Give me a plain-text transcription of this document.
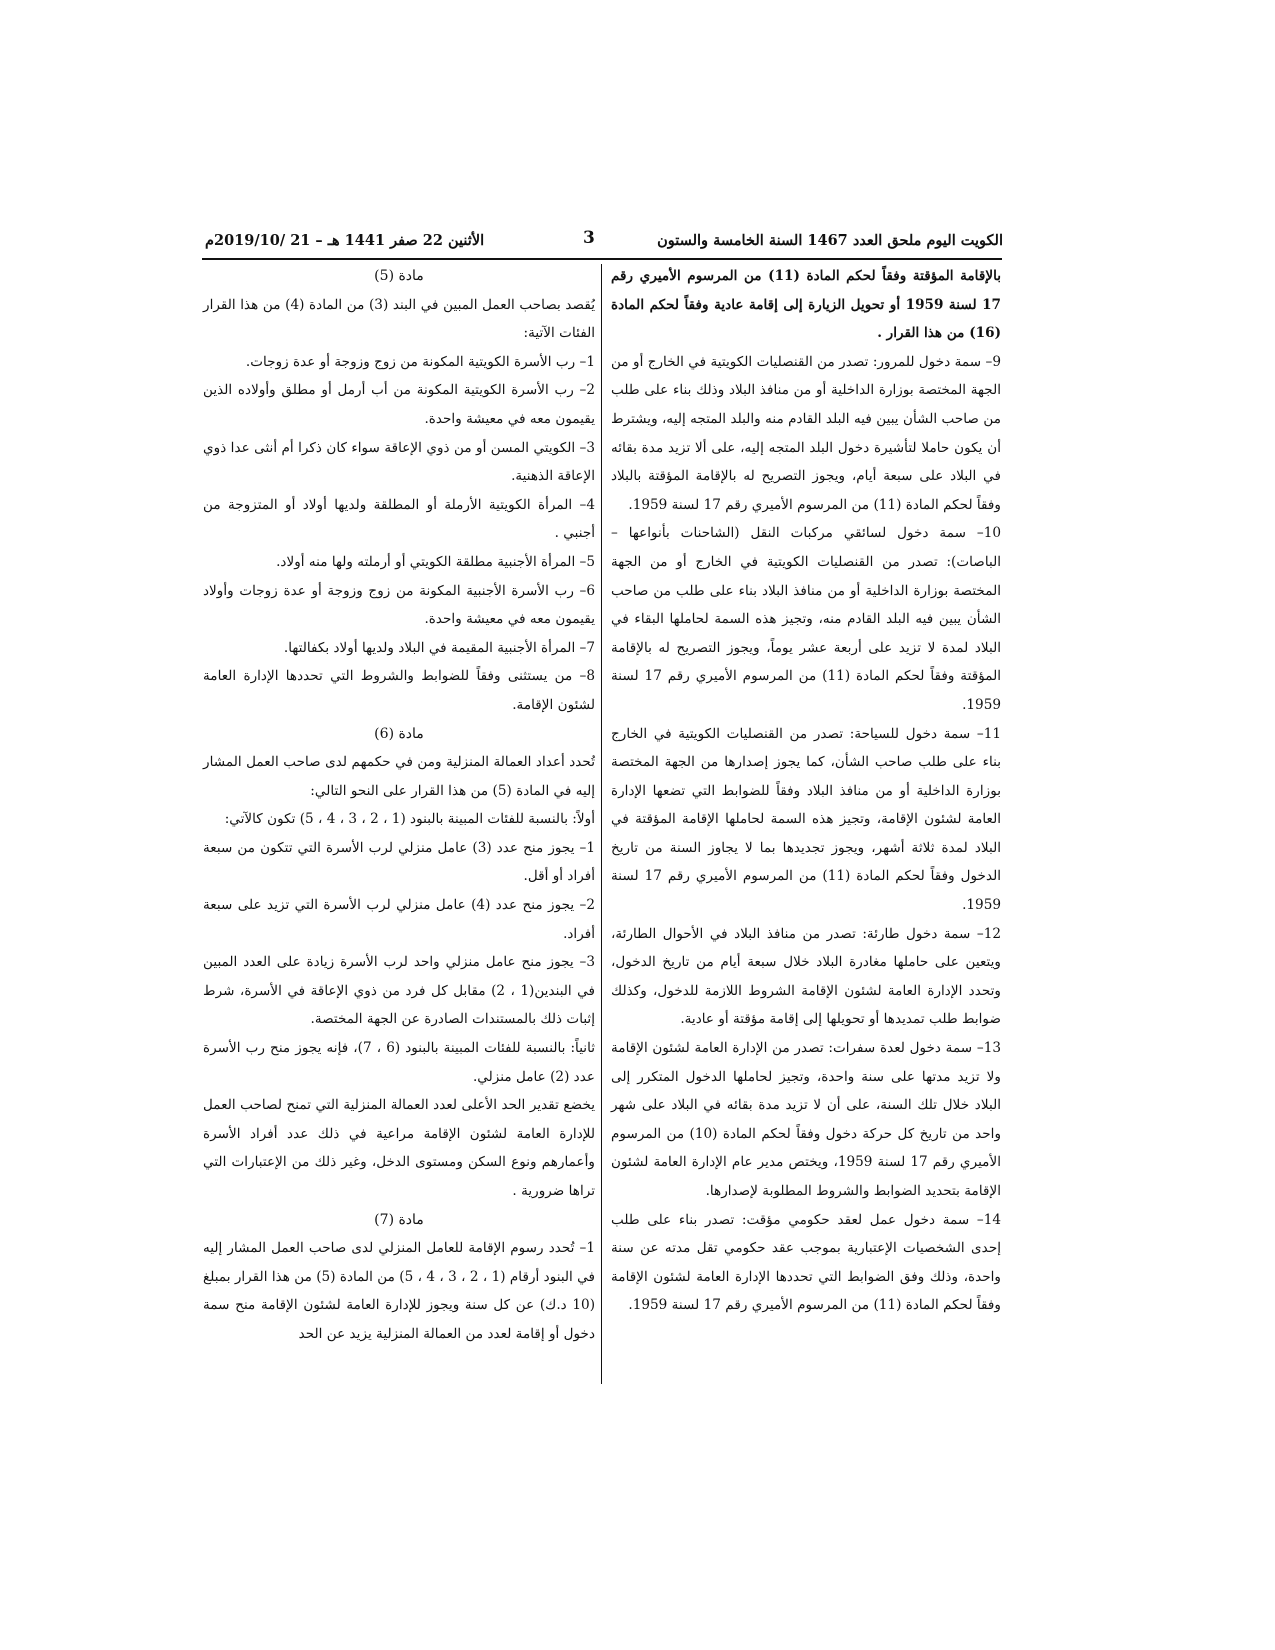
الكويت اليوم ملحق العدد 1467 السنة الخامسة والستون
3
الأثنين 22 صفر 1441 هـ – 21 /2019/10م

بالإقامة المؤقتة وفقاً لحكم المادة (11) من المرسوم الأميري رقم 17 لسنة 1959 أو تحويل الزيارة إلى إقامة عادية وفقاً لحكم المادة (16) من هذا القرار .

9– سمة دخول للمرور: تصدر من القنصليات الكويتية في الخارج أو من الجهة المختصة بوزارة الداخلية أو من منافذ البلاد وذلك بناء على طلب من صاحب الشأن يبين فيه البلد القادم منه والبلد المتجه إليه، ويشترط أن يكون حاملا لتأشيرة دخول البلد المتجه إليه، على ألا تزيد مدة بقائه في البلاد على سبعة أيام، ويجوز التصريح له بالإقامة المؤقتة بالبلاد وفقاً لحكم المادة (11) من المرسوم الأميري رقم 17 لسنة 1959.

10– سمة دخول لسائقي مركبات النقل (الشاحنات بأنواعها – الباصات): تصدر من القنصليات الكويتية في الخارج أو من الجهة المختصة بوزارة الداخلية أو من منافذ البلاد بناء على طلب من صاحب الشأن يبين فيه البلد القادم منه، وتجيز هذه السمة لحاملها البقاء في البلاد لمدة لا تزيد على أربعة عشر يوماً، ويجوز التصريح له بالإقامة المؤقتة وفقاً لحكم المادة (11) من المرسوم الأميري رقم 17 لسنة 1959.

11– سمة دخول للسياحة: تصدر من القنصليات الكويتية في الخارج بناء على طلب صاحب الشأن، كما يجوز إصدارها من الجهة المختصة بوزارة الداخلية أو من منافذ البلاد وفقاً للضوابط التي تضعها الإدارة العامة لشئون الإقامة، وتجيز هذه السمة لحاملها الإقامة المؤقتة في البلاد لمدة ثلاثة أشهر، ويجوز تجديدها بما لا يجاوز السنة من تاريخ الدخول وفقاً لحكم المادة (11) من المرسوم الأميري رقم 17 لسنة 1959.

12– سمة دخول طارئة: تصدر من منافذ البلاد في الأحوال الطارئة، ويتعين على حاملها مغادرة البلاد خلال سبعة أيام من تاريخ الدخول، وتحدد الإدارة العامة لشئون الإقامة الشروط اللازمة للدخول، وكذلك ضوابط طلب تمديدها أو تحويلها إلى إقامة مؤقتة أو عادية.

13– سمة دخول لعدة سفرات: تصدر من الإدارة العامة لشئون الإقامة ولا تزيد مدتها على سنة واحدة، وتجيز لحاملها الدخول المتكرر إلى البلاد خلال تلك السنة، على أن لا تزيد مدة بقائه في البلاد على شهر واحد من تاريخ كل حركة دخول وفقاً لحكم المادة (10) من المرسوم الأميري رقم 17 لسنة 1959، ويختص مدير عام الإدارة العامة لشئون الإقامة بتحديد الضوابط والشروط المطلوبة لإصدارها.

14– سمة دخول عمل لعقد حكومي مؤقت: تصدر بناء على طلب إحدى الشخصيات الإعتبارية بموجب عقد حكومي تقل مدته عن سنة واحدة، وذلك وفق الضوابط التي تحددها الإدارة العامة لشئون الإقامة وفقاً لحكم المادة (11) من المرسوم الأميري رقم 17 لسنة 1959.

مادة (5)

يُقصد بصاحب العمل المبين في البند (3) من المادة (4) من هذا القرار الفئات الآتية:

1– رب الأسرة الكويتية المكونة من زوج وزوجة أو عدة زوجات.

2– رب الأسرة الكويتية المكونة من أب أرمل أو مطلق وأولاده الذين يقيمون معه في معيشة واحدة.

3– الكويتي المسن أو من ذوي الإعاقة سواء كان ذكرا أم أنثى عدا ذوي الإعاقة الذهنية.

4– المرأة الكويتية الأرملة أو المطلقة ولديها أولاد أو المتزوجة من أجنبي .

5– المرأة الأجنبية مطلقة الكويتي أو أرملته ولها منه أولاد.

6– رب الأسرة الأجنبية المكونة من زوج وزوجة أو عدة زوجات وأولاد يقيمون معه في معيشة واحدة.

7– المرأة الأجنبية المقيمة في البلاد ولديها أولاد بكفالتها.

8– من يستثنى وفقاً للضوابط والشروط التي تحددها الإدارة العامة لشئون الإقامة.

مادة (6)

تُحدد أعداد العمالة المنزلية ومن في حكمهم لدى صاحب العمل المشار إليه في المادة (5) من هذا القرار على النحو التالي:

أولاً: بالنسبة للفئات المبينة بالبنود (1 ، 2 ، 3 ، 4 ، 5) تكون كالآتي:

1– يجوز منح عدد (3) عامل منزلي لرب الأسرة التي تتكون من سبعة أفراد أو أقل.

2– يجوز منح عدد (4) عامل منزلي لرب الأسرة التي تزيد على سبعة أفراد.

3– يجوز منح عامل منزلي واحد لرب الأسرة زيادة على العدد المبين في البندين(1 ، 2) مقابل كل فرد من ذوي الإعاقة في الأسرة، شرط إثبات ذلك بالمستندات الصادرة عن الجهة المختصة.

ثانياً: بالنسبة للفئات المبينة بالبنود (6 ، 7)، فإنه يجوز منح رب الأسرة عدد (2) عامل منزلي.

يخضع تقدير الحد الأعلى لعدد العمالة المنزلية التي تمنح لصاحب العمل للإدارة العامة لشئون الإقامة مراعية في ذلك عدد أفراد الأسرة وأعمارهم ونوع السكن ومستوى الدخل، وغير ذلك من الإعتبارات التي تراها ضرورية .

مادة (7)

1– تُحدد رسوم الإقامة للعامل المنزلي لدى صاحب العمل المشار إليه في البنود أرقام (1 ، 2 ، 3 ، 4 ، 5) من المادة (5) من هذا القرار بمبلغ (10 د.ك) عن كل سنة ويجوز للإدارة العامة لشئون الإقامة منح سمة دخول أو إقامة لعدد من العمالة المنزلية يزيد عن الحد
